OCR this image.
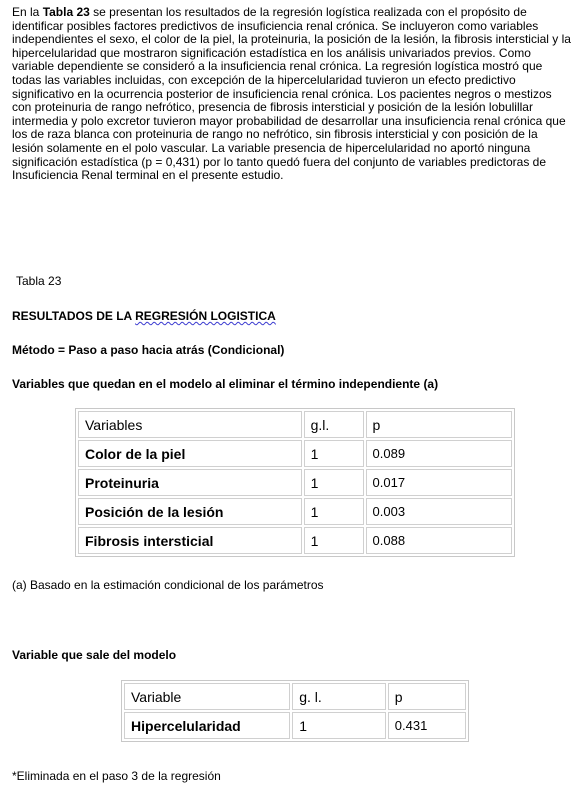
En la Tabla 23 se presentan los resultados de la regresión logística realizada con el propósito de identificar posibles factores predictivos de insuficiencia renal crónica. Se incluyeron como variables independientes el sexo, el color de la piel, la proteinuria, la posición de la lesión, la fibrosis intersticial y la hipercelularidad que mostraron significación estadística en los análisis univariados previos. Como variable dependiente se consideró a la insuficiencia renal crónica. La regresión logística mostró que todas las variables incluidas, con excepción de la hipercelularidad tuvieron un efecto predictivo significativo en la ocurrencia posterior de insuficiencia renal crónica. Los pacientes negros o mestizos con proteinuria de rango nefrótico, presencia de fibrosis intersticial y posición de la lesión lobulillar intermedia y polo excretor tuvieron mayor probabilidad de desarrollar una insuficiencia renal crónica que los de raza blanca con proteinuria de rango no nefrótico, sin fibrosis intersticial y con posición de la lesión solamente en el polo vascular. La variable presencia de hipercelularidad no aportó ninguna significación estadística (p = 0,431) por lo tanto quedó fuera del conjunto de variables predictoras de Insuficiencia Renal terminal en el presente estudio.

Tabla 23

RESULTADOS DE LA REGRESIÓN LOGISTICA

Método = Paso a paso hacia atrás (Condicional)

Variables que quedan en el modelo al eliminar el término independiente (a)

Variables	g.l.	p
Color de la piel	1	0.089
Proteinuria	1	0.017
Posición de la lesión	1	0.003
Fibrosis intersticial	1	0.088

(a) Basado en la estimación condicional de los parámetros

Variable que sale del modelo

Variable	g. l.	p
Hipercelularidad	1	0.431

*Eliminada en el paso 3 de la regresión
